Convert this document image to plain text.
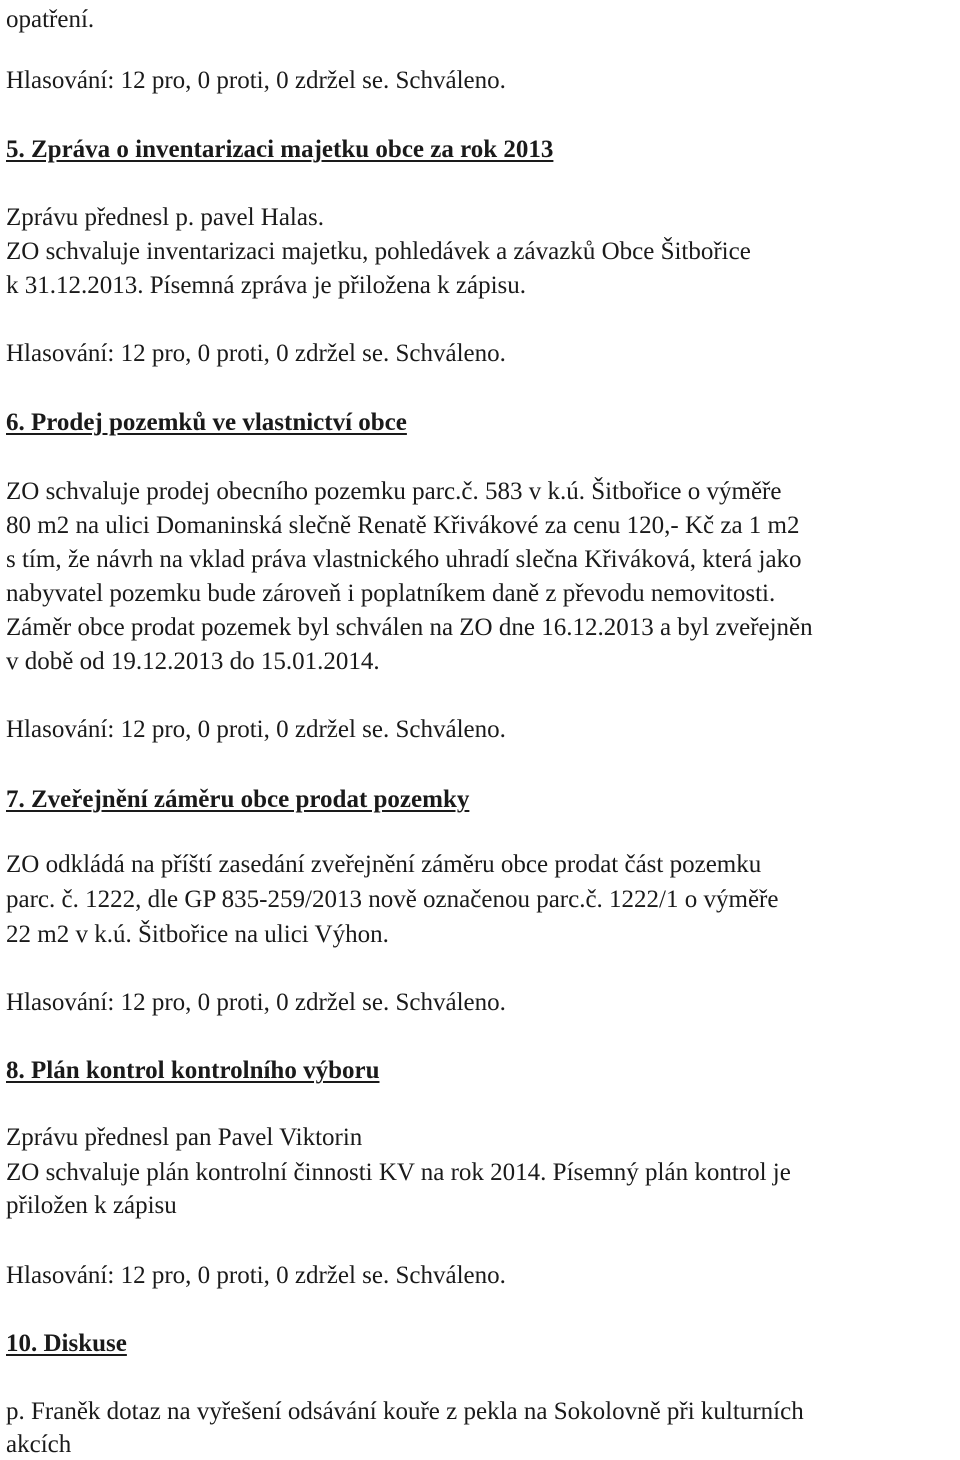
opatření.

Hlasování: 12 pro, 0 proti, 0 zdržel se. Schváleno.

5. Zpráva o inventarizaci majetku obce za rok 2013

Zprávu přednesl p. pavel Halas.

ZO schvaluje inventarizaci majetku, pohledávek a závazků Obce Šitbořice

k 31.12.2013. Písemná zpráva je přiložena k zápisu.

Hlasování: 12 pro, 0 proti, 0 zdržel se. Schváleno.

6. Prodej pozemků ve vlastnictví obce

ZO schvaluje prodej obecního pozemku parc.č. 583 v k.ú. Šitbořice o výměře

80 m2 na ulici Domaninská slečně Renatě Křivákové za cenu 120,- Kč za 1 m2

s tím, že návrh na vklad práva vlastnického uhradí slečna Křiváková, která jako

nabyvatel pozemku bude zároveň i poplatníkem daně z převodu nemovitosti.

Záměr obce prodat pozemek byl schválen na ZO dne 16.12.2013 a byl zveřejněn

v době od 19.12.2013 do 15.01.2014.

Hlasování: 12 pro, 0 proti, 0 zdržel se. Schváleno.

7. Zveřejnění záměru obce prodat pozemky

ZO odkládá na příští zasedání zveřejnění záměru obce prodat část pozemku

parc. č. 1222, dle GP 835-259/2013 nově označenou parc.č. 1222/1 o výměře

22 m2 v k.ú. Šitbořice na ulici Výhon.

Hlasování: 12 pro, 0 proti, 0 zdržel se. Schváleno.

8. Plán kontrol kontrolního výboru

Zprávu přednesl pan Pavel Viktorin

ZO schvaluje plán kontrolní činnosti KV na rok 2014. Písemný plán kontrol je

přiložen k zápisu

Hlasování: 12 pro, 0 proti, 0 zdržel se. Schváleno.

10. Diskuse

p. Franěk dotaz na vyřešení odsávání kouře z pekla na Sokolovně při kulturních

akcích
